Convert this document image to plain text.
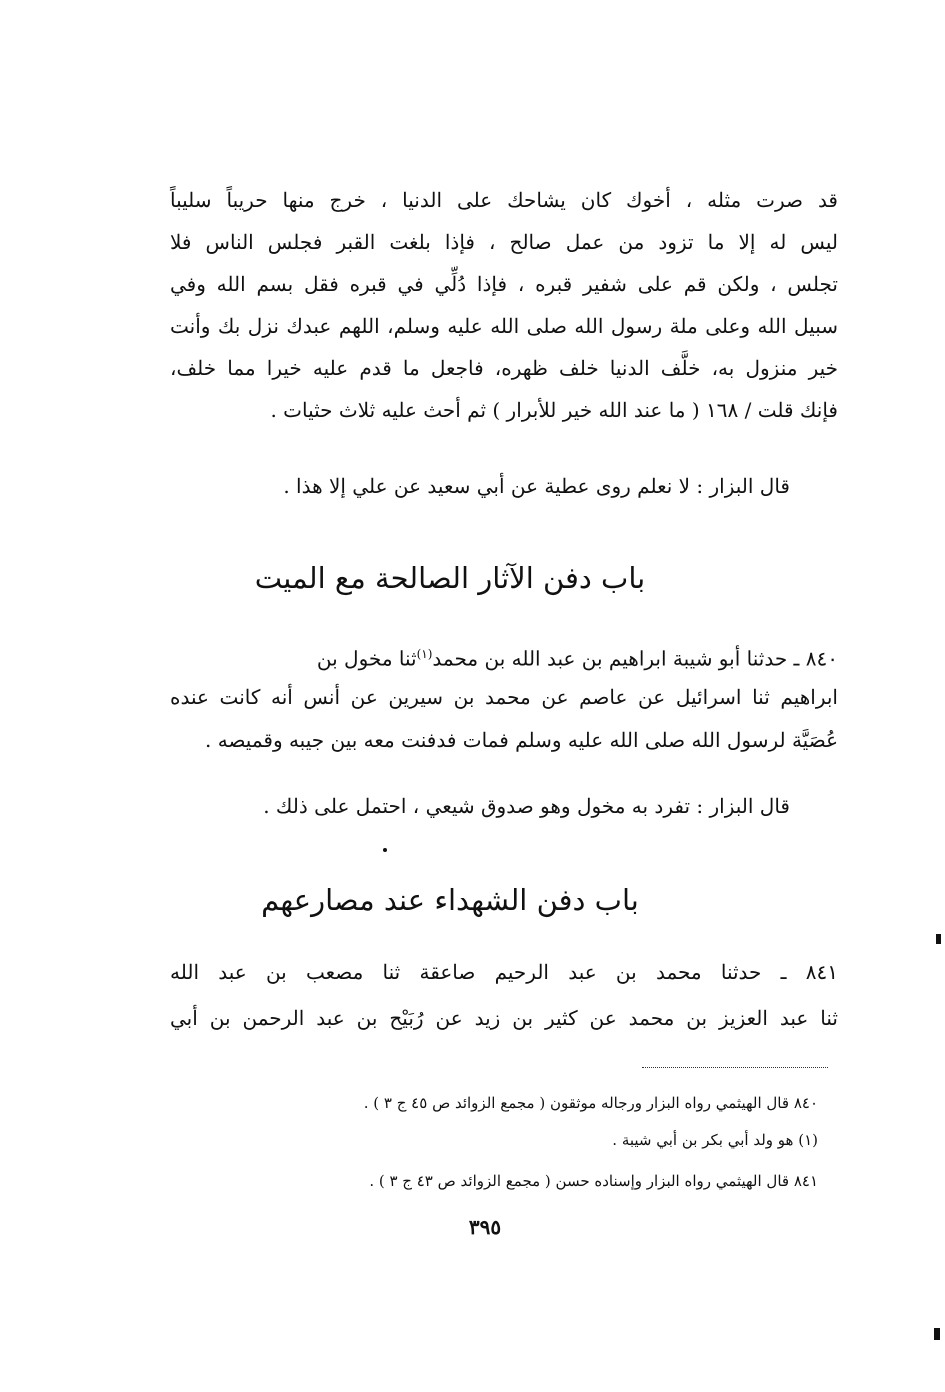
قد صرت مثله ، أخوك كان يشاحك على الدنيا ، خرج منها حريباً سليباً
ليس له إلا ما تزود من عمل صالح ، فإذا بلغت القبر فجلس الناس فلا
تجلس ، ولكن قم على شفير قبره ، فإذا دُلِّي في قبره فقل بسم الله وفي
سبيل الله وعلى ملة رسول الله صلى الله عليه وسلم، اللهم عبدك نزل بك وأنت
خير منزول به، خلَّف الدنيا خلف ظهره، فاجعل ما قدم عليه خيرا مما خلف،
فإنك قلت / ١٦٨ ( ما عند الله خير للأبرار ) ثم أحث عليه ثلاث حثيات .
قال البزار : لا نعلم روى عطية عن أبي سعيد عن علي إلا هذا .
باب دفن الآثار الصالحة مع الميت
٨٤٠ ـ حدثنا أبو شيبة ابراهيم بن عبد الله بن محمد$^{(١)}$ثنا مخول بن
ابراهيم ثنا اسرائيل عن عاصم عن محمد بن سيرين عن أنس أنه كانت عنده
عُصَيَّة لرسول الله صلى الله عليه وسلم فمات فدفنت معه بين جيبه وقميصه .
قال البزار : تفرد به مخول وهو صدوق شيعي ، احتمل على ذلك .
باب دفن الشهداء عند مصارعهم
٨٤١ ـ حدثنا محمد بن عبد الرحيم صاعقة ثنا مصعب بن عبد الله
ثنا عبد العزيز بن محمد عن كثير بن زيد عن رُبَيْح بن عبد الرحمن بن أبي
٨٤٠ قال الهيثمي رواه البزار ورجاله موثقون ( مجمع الزوائد ص ٤٥ ج ٣ ) .
(١) هو ولد أبي بكر بن أبي شيبة .
٨٤١ قال الهيثمي رواه البزار وإسناده حسن ( مجمع الزوائد ص ٤٣ ج ٣ ) .
٣٩٥
